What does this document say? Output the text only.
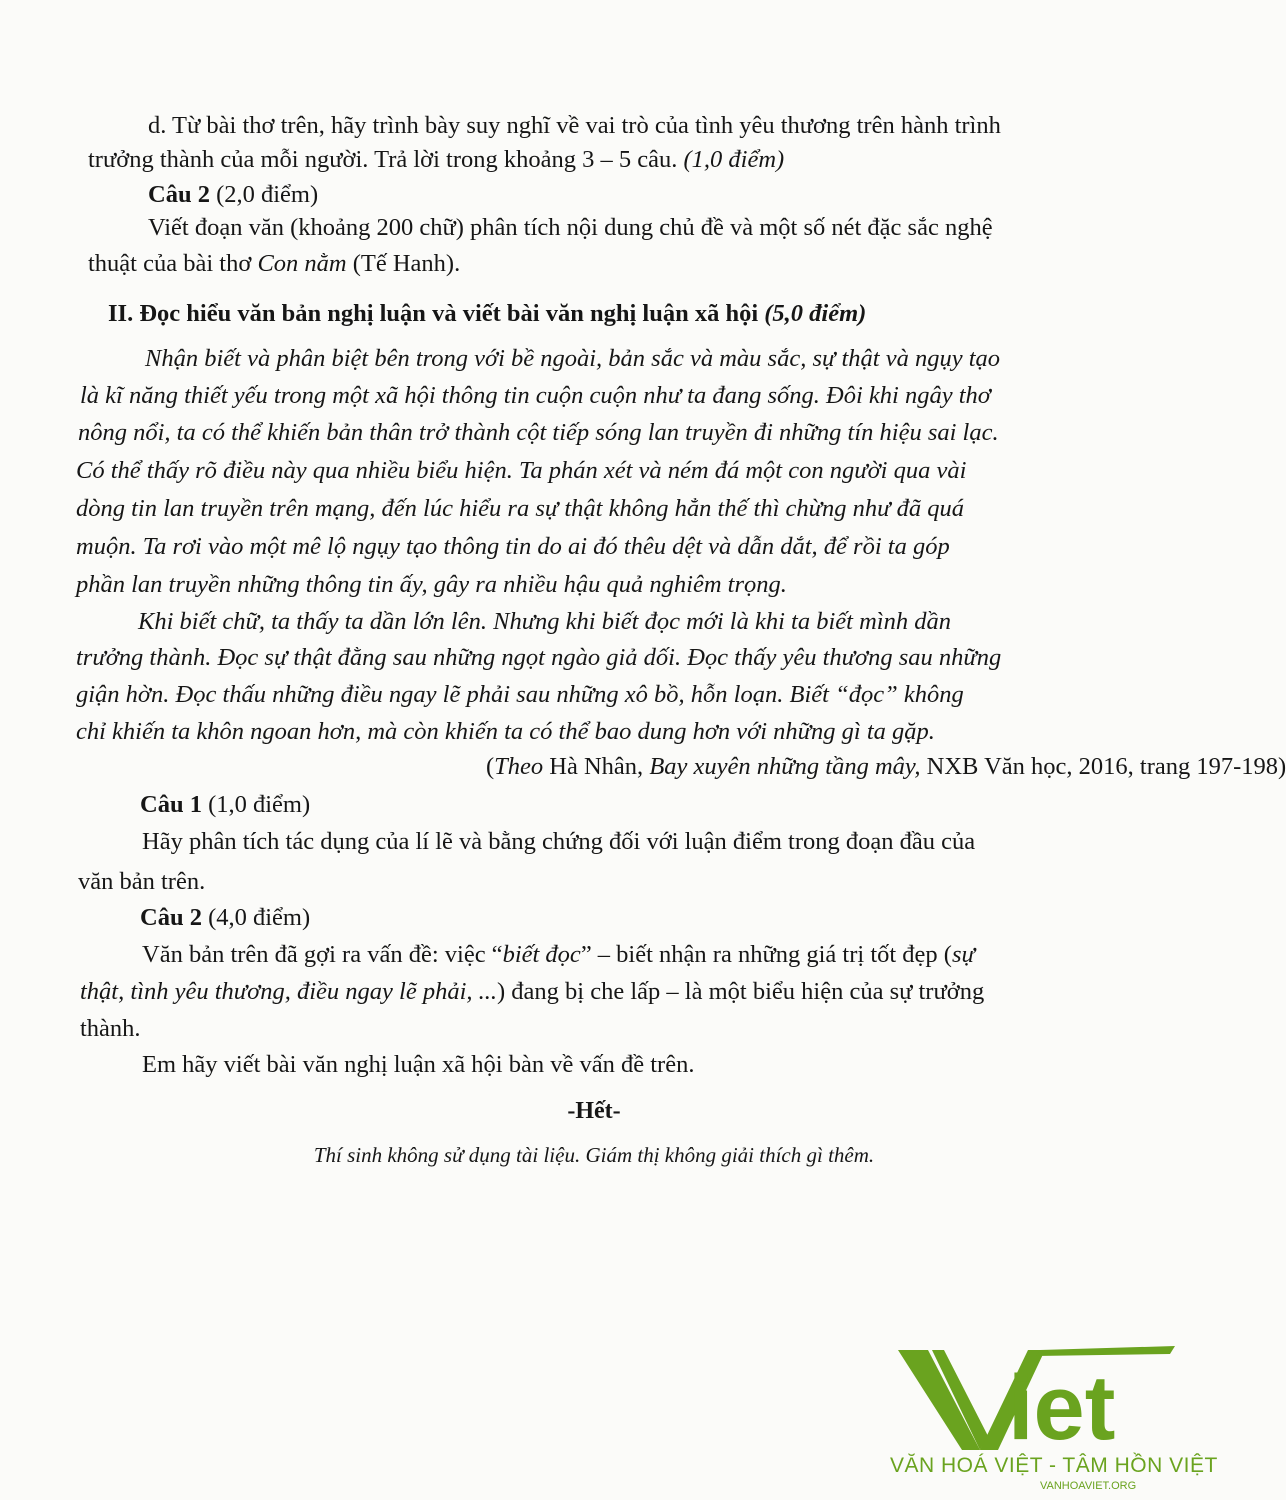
d. Từ bài thơ trên, hãy trình bày suy nghĩ về vai trò của tình yêu thương trên hành trình
trưởng thành của mỗi người. Trả lời trong khoảng 3 – 5 câu. (1,0 điểm)
Câu 2 (2,0 điểm)
Viết đoạn văn (khoảng 200 chữ) phân tích nội dung chủ đề và một số nét đặc sắc nghệ
thuật của bài thơ Con nằm (Tế Hanh).
II. Đọc hiểu văn bản nghị luận và viết bài văn nghị luận xã hội (5,0 điểm)
Nhận biết và phân biệt bên trong với bề ngoài, bản sắc và màu sắc, sự thật và ngụy tạo
là kĩ năng thiết yếu trong một xã hội thông tin cuộn cuộn như ta đang sống. Đôi khi ngây thơ
nông nổi, ta có thể khiến bản thân trở thành cột tiếp sóng lan truyền đi những tín hiệu sai lạc.
Có thể thấy rõ điều này qua nhiều biểu hiện. Ta phán xét và ném đá một con người qua vài
dòng tin lan truyền trên mạng, đến lúc hiểu ra sự thật không hẳn thế thì chừng như đã quá
muộn. Ta rơi vào một mê lộ ngụy tạo thông tin do ai đó thêu dệt và dẫn dắt, để rồi ta góp
phần lan truyền những thông tin ấy, gây ra nhiều hậu quả nghiêm trọng.
Khi biết chữ, ta thấy ta dần lớn lên. Nhưng khi biết đọc mới là khi ta biết mình dần
trưởng thành. Đọc sự thật đằng sau những ngọt ngào giả dối. Đọc thấy yêu thương sau những
giận hờn. Đọc thấu những điều ngay lẽ phải sau những xô bồ, hỗn loạn. Biết “đọc” không
chỉ khiến ta khôn ngoan hơn, mà còn khiến ta có thể bao dung hơn với những gì ta gặp.
(Theo Hà Nhân, Bay xuyên những tầng mây, NXB Văn học, 2016, trang 197-198)
Câu 1 (1,0 điểm)
Hãy phân tích tác dụng của lí lẽ và bằng chứng đối với luận điểm trong đoạn đầu của
văn bản trên.
Câu 2 (4,0 điểm)
Văn bản trên đã gợi ra vấn đề: việc “biết đọc” – biết nhận ra những giá trị tốt đẹp (sự
thật, tình yêu thương, điều ngay lẽ phải, ...) đang bị che lấp – là một biểu hiện của sự trưởng
thành.
Em hãy viết bài văn nghị luận xã hội bàn về vấn đề trên.
-Hết-
Thí sinh không sử dụng tài liệu. Giám thị không giải thích gì thêm.
iet
VĂN HOÁ VIỆT - TÂM HỒN VIỆT
VANHOAVIET.ORG
